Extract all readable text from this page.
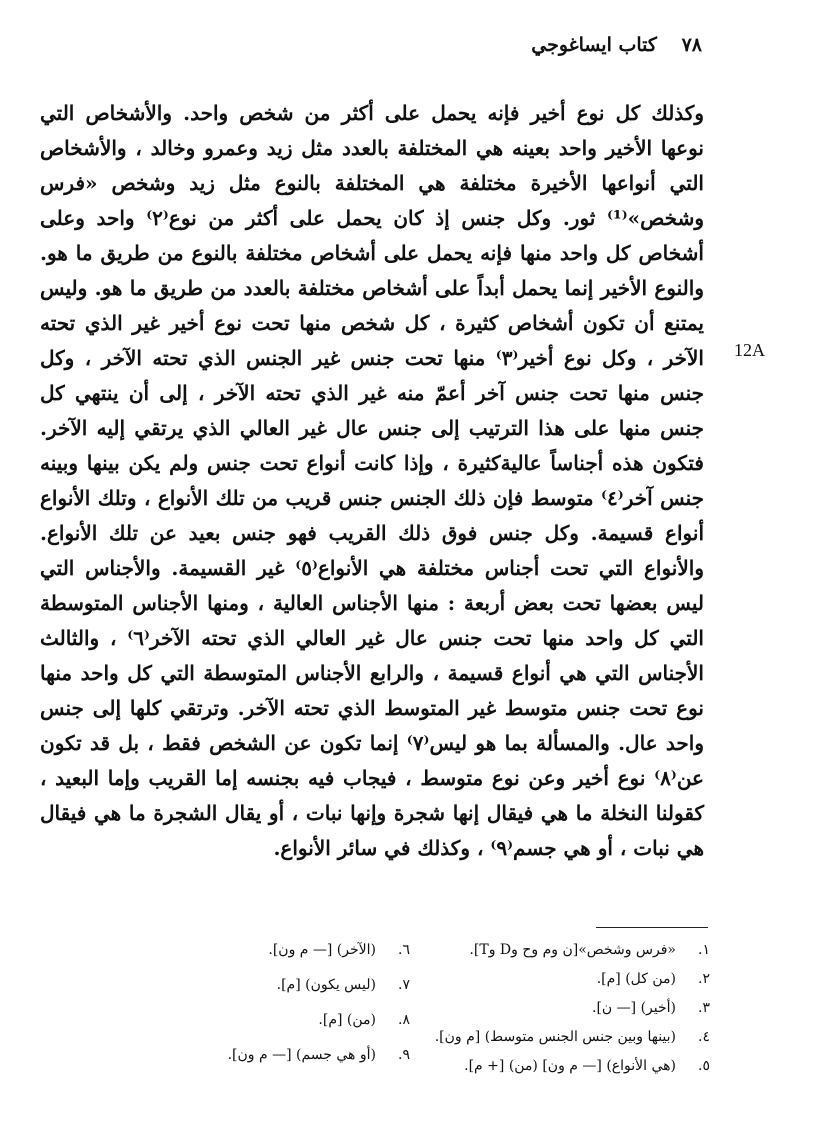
٧٨ كتاب ايساغوجي
12A

وكذلك كل نوع أخير فإنه يحمل على أكثر من شخص واحد. والأشخاص التي نوعها الأخير واحد بعينه هي المختلفة بالعدد مثل زيد وعمرو وخالد ، والأشخاص التي أنواعها الأخيرة مختلفة هي المختلفة بالنوع مثل زيد وشخص «فرس وشخص»⁽¹⁾ ثور. وكل جنس إذ كان يحمل على أكثر من نوع⁽٢⁾ واحد وعلى أشخاص كل واحد منها فإنه يحمل على أشخاص مختلفة بالنوع من طريق ما هو. والنوع الأخير إنما يحمل أبداً على أشخاص مختلفة بالعدد من طريق ما هو. وليس يمتنع أن تكون أشخاص كثيرة ، كل شخص منها تحت نوع أخير غير الذي تحته الآخر ، وكل نوع أخير⁽٣⁾ منها تحت جنس غير الجنس الذي تحته الآخر ، وكل جنس منها تحت جنس آخر أعمّ منه غير الذي تحته الآخر ، إلى أن ينتهي كل جنس منها على هذا الترتيب إلى جنس عال غير العالي الذي يرتقي إليه الآخر. فتكون هذه أجناساً عاليةكثيرة ، وإذا كانت أنواع تحت جنس ولم يكن بينها وبينه جنس آخر⁽٤⁾ متوسط فإن ذلك الجنس جنس قريب من تلك الأنواع ، وتلك الأنواع أنواع قسيمة. وكل جنس فوق ذلك القريب فهو جنس بعيد عن تلك الأنواع. والأنواع التي تحت أجناس مختلفة هي الأنواع⁽٥⁾ غير القسيمة. والأجناس التي ليس بعضها تحت بعض أربعة : منها الأجناس العالية ، ومنها الأجناس المتوسطة التي كل واحد منها تحت جنس عال غير العالي الذي تحته الآخر⁽٦⁾ ، والثالث الأجناس التي هي أنواع قسيمة ، والرابع الأجناس المتوسطة التي كل واحد منها نوع تحت جنس متوسط غير المتوسط الذي تحته الآخر. وترتقي كلها إلى جنس واحد عال. والمسألة بما هو ليس⁽٧⁾ إنما تكون عن الشخص فقط ، بل قد تكون عن⁽٨⁾ نوع أخير وعن نوع متوسط ، فيجاب فيه بجنسه إما القريب وإما البعيد ، كقولنا النخلة ما هي فيقال إنها شجرة وإنها نبات ، أو يقال الشجرة ما هي فيقال هي نبات ، أو هي جسم⁽٩⁾ ، وكذلك في سائر الأنواع.

١.
«فرس وشخص»[ن وم وح وD وT].
٢.
(من كل) [م].
٣.
(أخير) [— ن].
٤.
(بينها وبين جنس الجنس متوسط) [م ون].
٥.
(هي الأنواع) [— م ون] (من) [+ م].
٦.
(الآخر) [— م ون].
٧.
(ليس يكون) [م].
٨.
(من) [م].
٩.
(أو هي جسم) [— م ون].
